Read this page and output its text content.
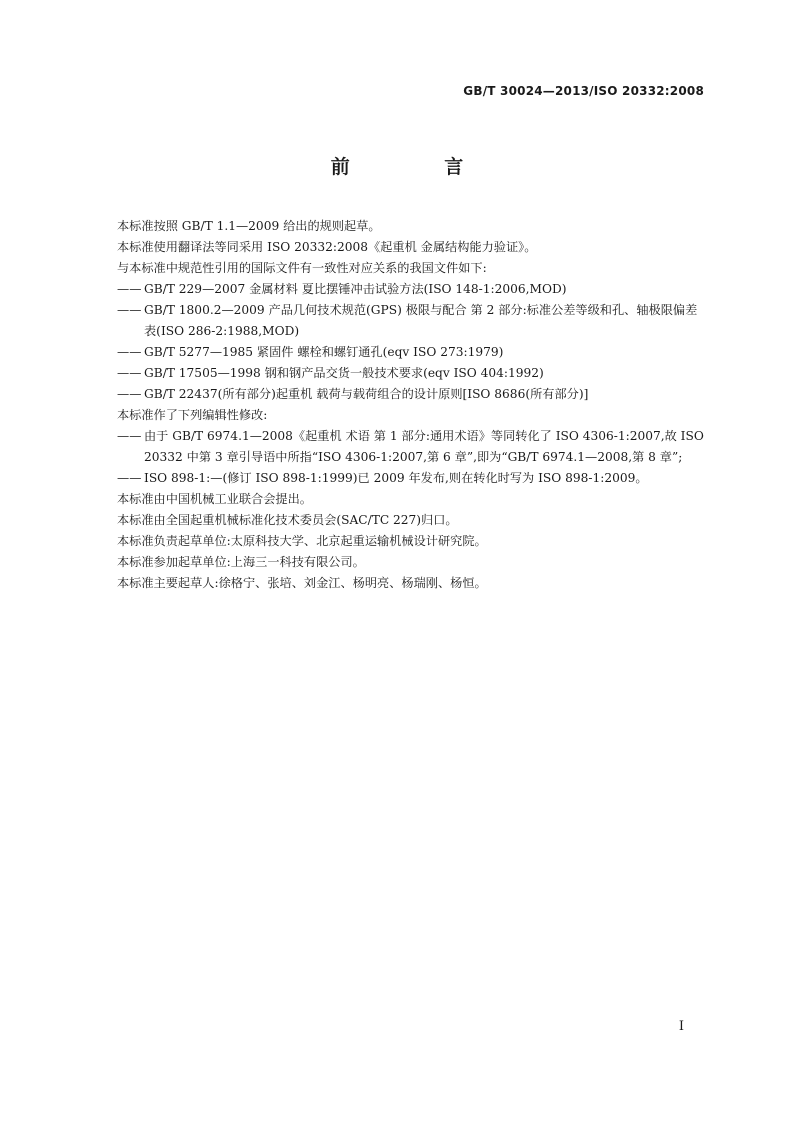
GB/T 30024—2013/ISO 20332:2008
前 言

本标准按照 GB/T 1.1—2009 给出的规则起草。

本标准使用翻译法等同采用 ISO 20332:2008《起重机 金属结构能力验证》。

与本标准中规范性引用的国际文件有一致性对应关系的我国文件如下:

—— GB/T 229—2007 金属材料 夏比摆锤冲击试验方法(ISO 148-1:2006,MOD)
—— GB/T 1800.2—2009 产品几何技术规范(GPS) 极限与配合 第 2 部分:标准公差等级和孔、轴极限偏差表(ISO 286-2:1988,MOD)
—— GB/T 5277—1985 紧固件 螺栓和螺钉通孔(eqv ISO 273:1979)
—— GB/T 17505—1998 钢和钢产品交货一般技术要求(eqv ISO 404:1992)
—— GB/T 22437(所有部分)起重机 载荷与载荷组合的设计原则[ISO 8686(所有部分)]

本标准作了下列编辑性修改:

—— 由于 GB/T 6974.1—2008《起重机 术语 第 1 部分:通用术语》等同转化了 ISO 4306-1:2007,故 ISO 20332 中第 3 章引导语中所指“ISO 4306-1:2007,第 6 章”,即为“GB/T 6974.1—2008,第 8 章”;
—— ISO 898-1:—(修订 ISO 898-1:1999)已 2009 年发布,则在转化时写为 ISO 898-1:2009。

本标准由中国机械工业联合会提出。

本标准由全国起重机械标准化技术委员会(SAC/TC 227)归口。

本标准负责起草单位:太原科技大学、北京起重运输机械设计研究院。

本标准参加起草单位:上海三一科技有限公司。

本标准主要起草人:徐格宁、张培、刘金江、杨明亮、杨瑞刚、杨恒。

I
